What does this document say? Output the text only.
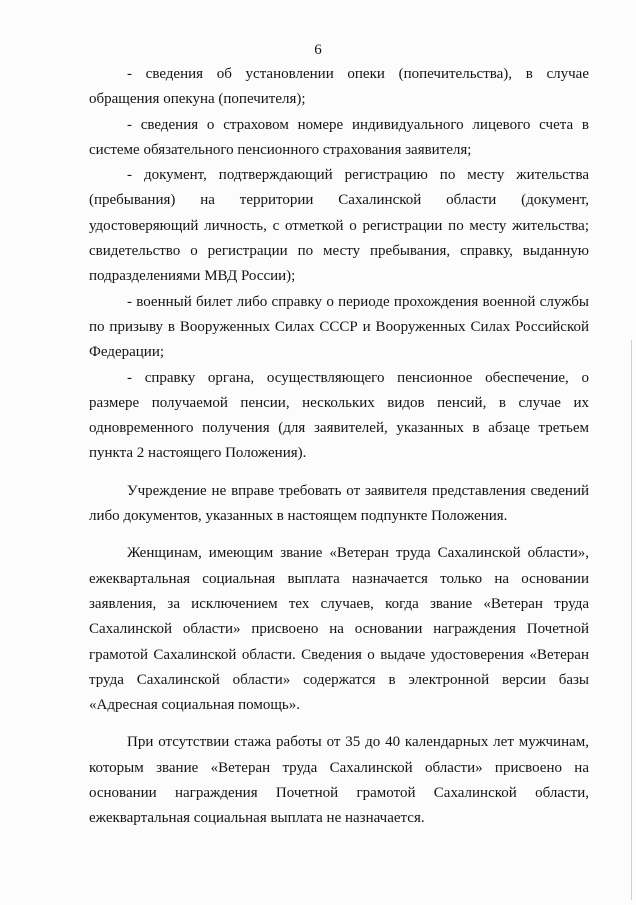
6

- сведения об установлении опеки (попечительства), в случае обращения опекуна (попечителя);

- сведения о страховом номере индивидуального лицевого счета в системе обязательного пенсионного страхования заявителя;

- документ, подтверждающий регистрацию по месту жительства (пребывания) на территории Сахалинской области (документ, удостоверяющий личность, с отметкой о регистрации по месту жительства; свидетельство о регистрации по месту пребывания, справку, выданную подразделениями МВД России);

- военный билет либо справку о периоде прохождения военной службы по призыву в Вооруженных Силах СССР и Вооруженных Силах Российской Федерации;

- справку органа, осуществляющего пенсионное обеспечение, о размере получаемой пенсии, нескольких видов пенсий, в случае их одновременного получения (для заявителей, указанных в абзаце третьем пункта 2 настоящего Положения).

Учреждение не вправе требовать от заявителя представления сведений либо документов, указанных в настоящем подпункте Положения.

Женщинам, имеющим звание «Ветеран труда Сахалинской области», ежеквартальная социальная выплата назначается только на основании заявления, за исключением тех случаев, когда звание «Ветеран труда Сахалинской области» присвоено на основании награждения Почетной грамотой Сахалинской области. Сведения о выдаче удостоверения «Ветеран труда Сахалинской области» содержатся в электронной версии базы «Адресная социальная помощь».

При отсутствии стажа работы от 35 до 40 календарных лет мужчинам, которым звание «Ветеран труда Сахалинской области» присвоено на основании награждения Почетной грамотой Сахалинской области, ежеквартальная социальная выплата не назначается.
